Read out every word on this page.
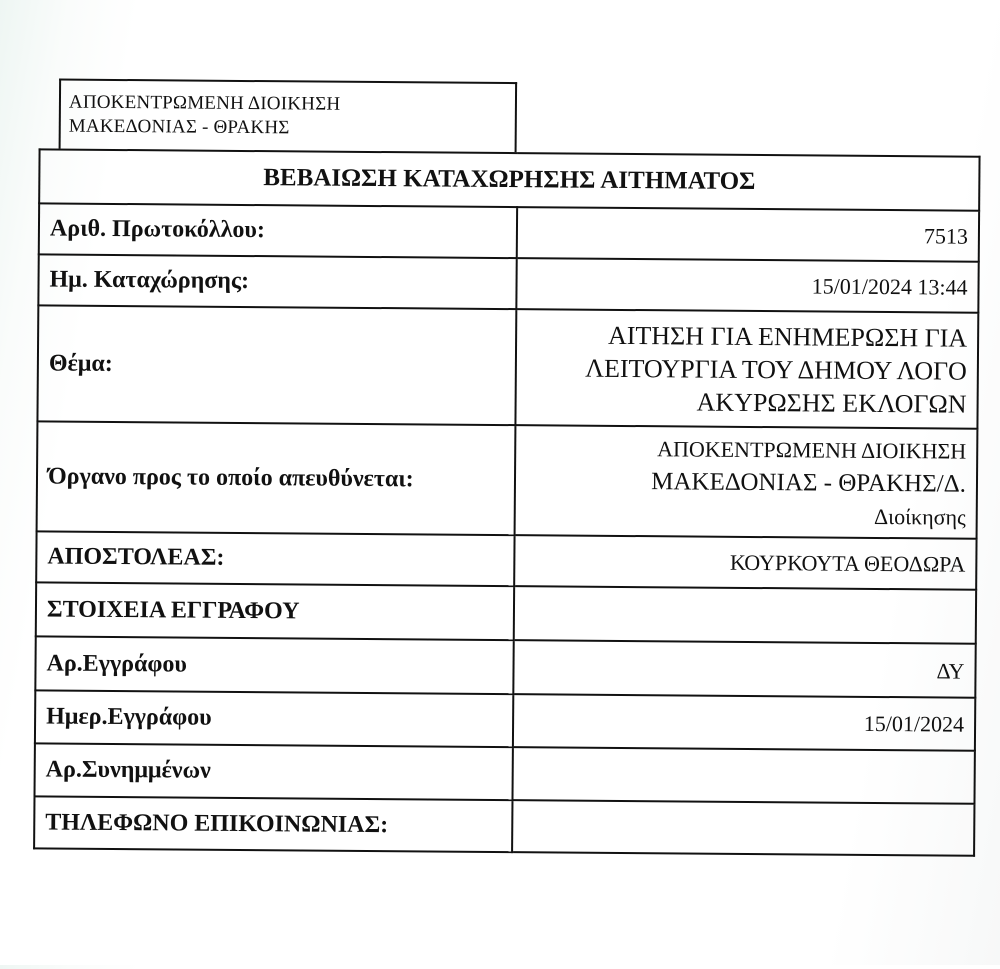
ΑΠΟΚΕΝΤΡΩΜΕΝΗ ΔΙΟΙΚΗΣΗ
ΜΑΚΕΔΟΝΙΑΣ - ΘΡΑΚΗΣ
ΒΕΒΑΙΩΣΗ ΚΑΤΑΧΩΡΗΣΗΣ ΑΙΤΗΜΑΤΟΣ	
Αριθ. Πρωτοκόλλου:	7513
Ημ. Καταχώρησης:	15/01/2024 13:44
Θέμα:	ΑΙΤΗΣΗ ΓΙΑ ΕΝΗΜΕΡΩΣΗ ΓΙΑ
ΛΕΙΤΟΥΡΓΙΑ ΤΟΥ ΔΗΜΟΥ ΛΟΓΟ
ΑΚΥΡΩΣΗΣ ΕΚΛΟΓΩΝ

Όργανο προς το οποίο απευθύνεται:	ΑΠΟΚΕΝΤΡΩΜΕΝΗ ΔΙΟΙΚΗΣΗ
ΜΑΚΕΔΟΝΙΑΣ - ΘΡΑΚΗΣ/Δ.
Διοίκησης

ΑΠΟΣΤΟΛΕΑΣ:	ΚΟΥΡΚΟΥΤΑ ΘΕΟΔΩΡΑ
ΣΤΟΙΧΕΙΑ ΕΓΓΡΑΦΟΥ	
Αρ.Εγγράφου	ΔΥ
Ημερ.Εγγράφου	15/01/2024
Αρ.Συνημμένων	
ΤΗΛΕΦΩΝΟ ΕΠΙΚΟΙΝΩΝΙΑΣ:	
